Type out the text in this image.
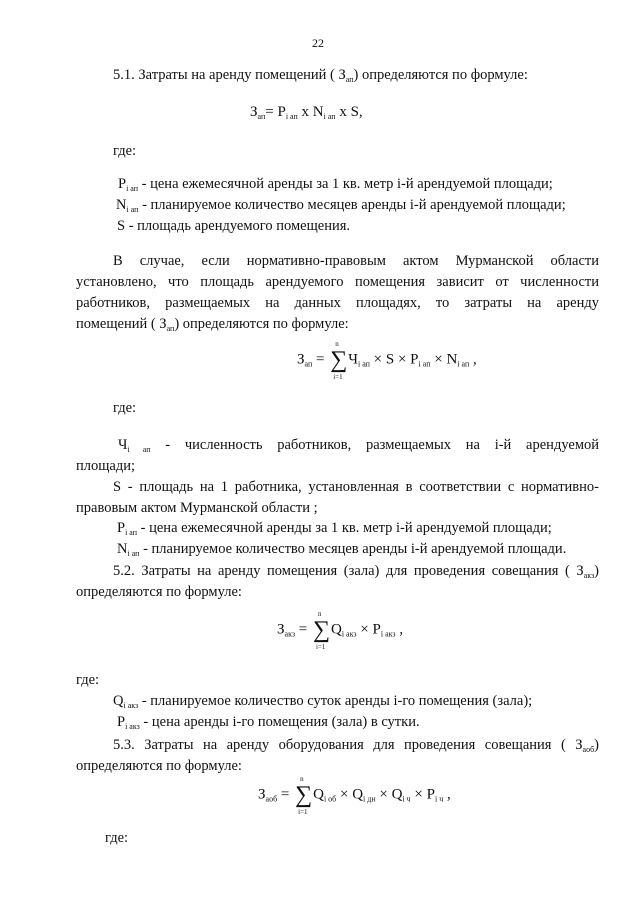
22
5.1. Затраты на аренду помещений ( $З_{ап}$) определяются по формуле:
$З_{ап}= P_{i ап}$ x $N_{i ап}$ x S,
где:
$P_{i ап}$ - цена ежемесячной аренды за 1 кв. метр i-й арендуемой площади;
$N_{i ап}$ - планируемое количество месяцев аренды i-й арендуемой площади;
S - площадь арендуемого помещения.
В случае, если нормативно-правовым актом Мурманской области
установлено, что площадь арендуемого помещения зависит от численности
работников, размещаемых на данных площадях, то затраты на аренду
помещений ( $З_{ап}$) определяются по формуле:
$З_{ап}$ =
n
∑
i=1
$Ч_{i ап} \times S \times P_{i ап} \times N_{i ап}$ ,
где:
$Ч_{i ап}$ - численность работников, размещаемых на i-й арендуемой
площади;
S - площадь на 1 работника, установленная в соответствии с нормативно-
правовым актом Мурманской области ;
$P_{i ап}$ - цена ежемесячной аренды за 1 кв. метр i-й арендуемой площади;
$N_{i ап}$ - планируемое количество месяцев аренды i-й арендуемой площади.
5.2. Затраты на аренду помещения (зала) для проведения совещания ( $З_{акз}$)
определяются по формуле:
$З_{акз}$ =
n
∑
i=1
$Q_{i акз} \times P_{i акз}$ ,
где:
$Q_{i акз}$ - планируемое количество суток аренды i-го помещения (зала);
$P_{i акз}$ - цена аренды i-го помещения (зала) в сутки.
5.3. Затраты на аренду оборудования для проведения совещания ( $З_{аоб}$)
определяются по формуле:
$З_{аоб}$ =
n
∑
i=1
$Q_{i об} \times Q_{i дн} \times Q_{i ч} \times P_{i ч}$ ,
где:
